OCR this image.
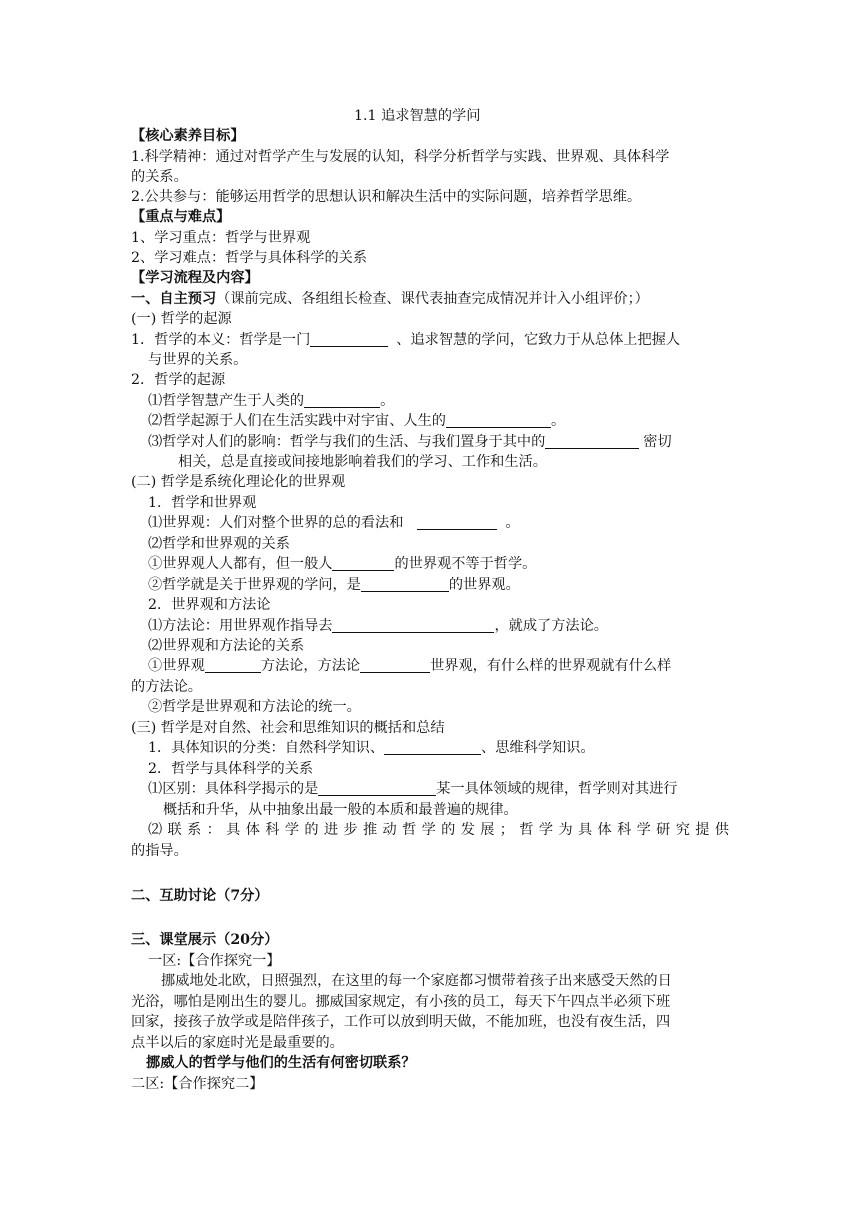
1.1 追求智慧的学问
【核心素养目标】
1.科学精神：通过对哲学产生与发展的认知，科学分析哲学与实践、世界观、具体科学
的关系。
2.公共参与：能够运用哲学的思想认识和解决生活中的实际问题，培养哲学思维。
【重点与难点】
1、学习重点：哲学与世界观
2、学习难点：哲学与具体科学的关系
【学习流程及内容】
一、自主预习（课前完成、各组组长检查、课代表抽查完成情况并计入小组评价；）
(一) 哲学的起源
1．哲学的本义：哲学是一门	、追求智慧的学问，它致力于从总体上把握人
与世界的关系。
2．哲学的起源
⑴哲学智慧产生于人类的	。
⑵哲学起源于人们在生活实践中对宇宙、人生的	。
⑶哲学对人们的影响：哲学与我们的生活、与我们置身于其中的	密切
相关，总是直接或间接地影响着我们的学习、工作和生活。
(二) 哲学是系统化理论化的世界观
1．哲学和世界观
⑴世界观：人们对整个世界的总的看法和	。
⑵哲学和世界观的关系
①世界观人人都有，但一般人	的世界观不等于哲学。
②哲学就是关于世界观的学问，是	的世界观。
2．世界观和方法论
⑴方法论：用世界观作指导去	，就成了方法论。
⑵世界观和方法论的关系
①世界观	方法论，方法论	世界观，有什么样的世界观就有什么样
的方法论。
②哲学是世界观和方法论的统一。
(三) 哲学是对自然、社会和思维知识的概括和总结
1．具体知识的分类：自然科学知识、	、思维科学知识。
2．哲学与具体科学的关系
⑴区别：具体科学揭示的是	某一具体领域的规律，哲学则对其进行
概括和升华，从中抽象出最一般的本质和最普遍的规律。
⑵联系：具体科学的进步推动哲学的发展；哲学为具体科学研究提供
的指导。
二、互助讨论（7分）
三、课堂展示（20分）
一区:【合作探究一】
挪威地处北欧，日照强烈，在这里的每一个家庭都习惯带着孩子出来感受天然的日
光浴，哪怕是刚出生的婴儿。挪威国家规定，有小孩的员工，每天下午四点半必须下班
回家，接孩子放学或是陪伴孩子，工作可以放到明天做，不能加班，也没有夜生活，四
点半以后的家庭时光是最重要的。
挪威人的哲学与他们的生活有何密切联系？
二区:【合作探究二】
